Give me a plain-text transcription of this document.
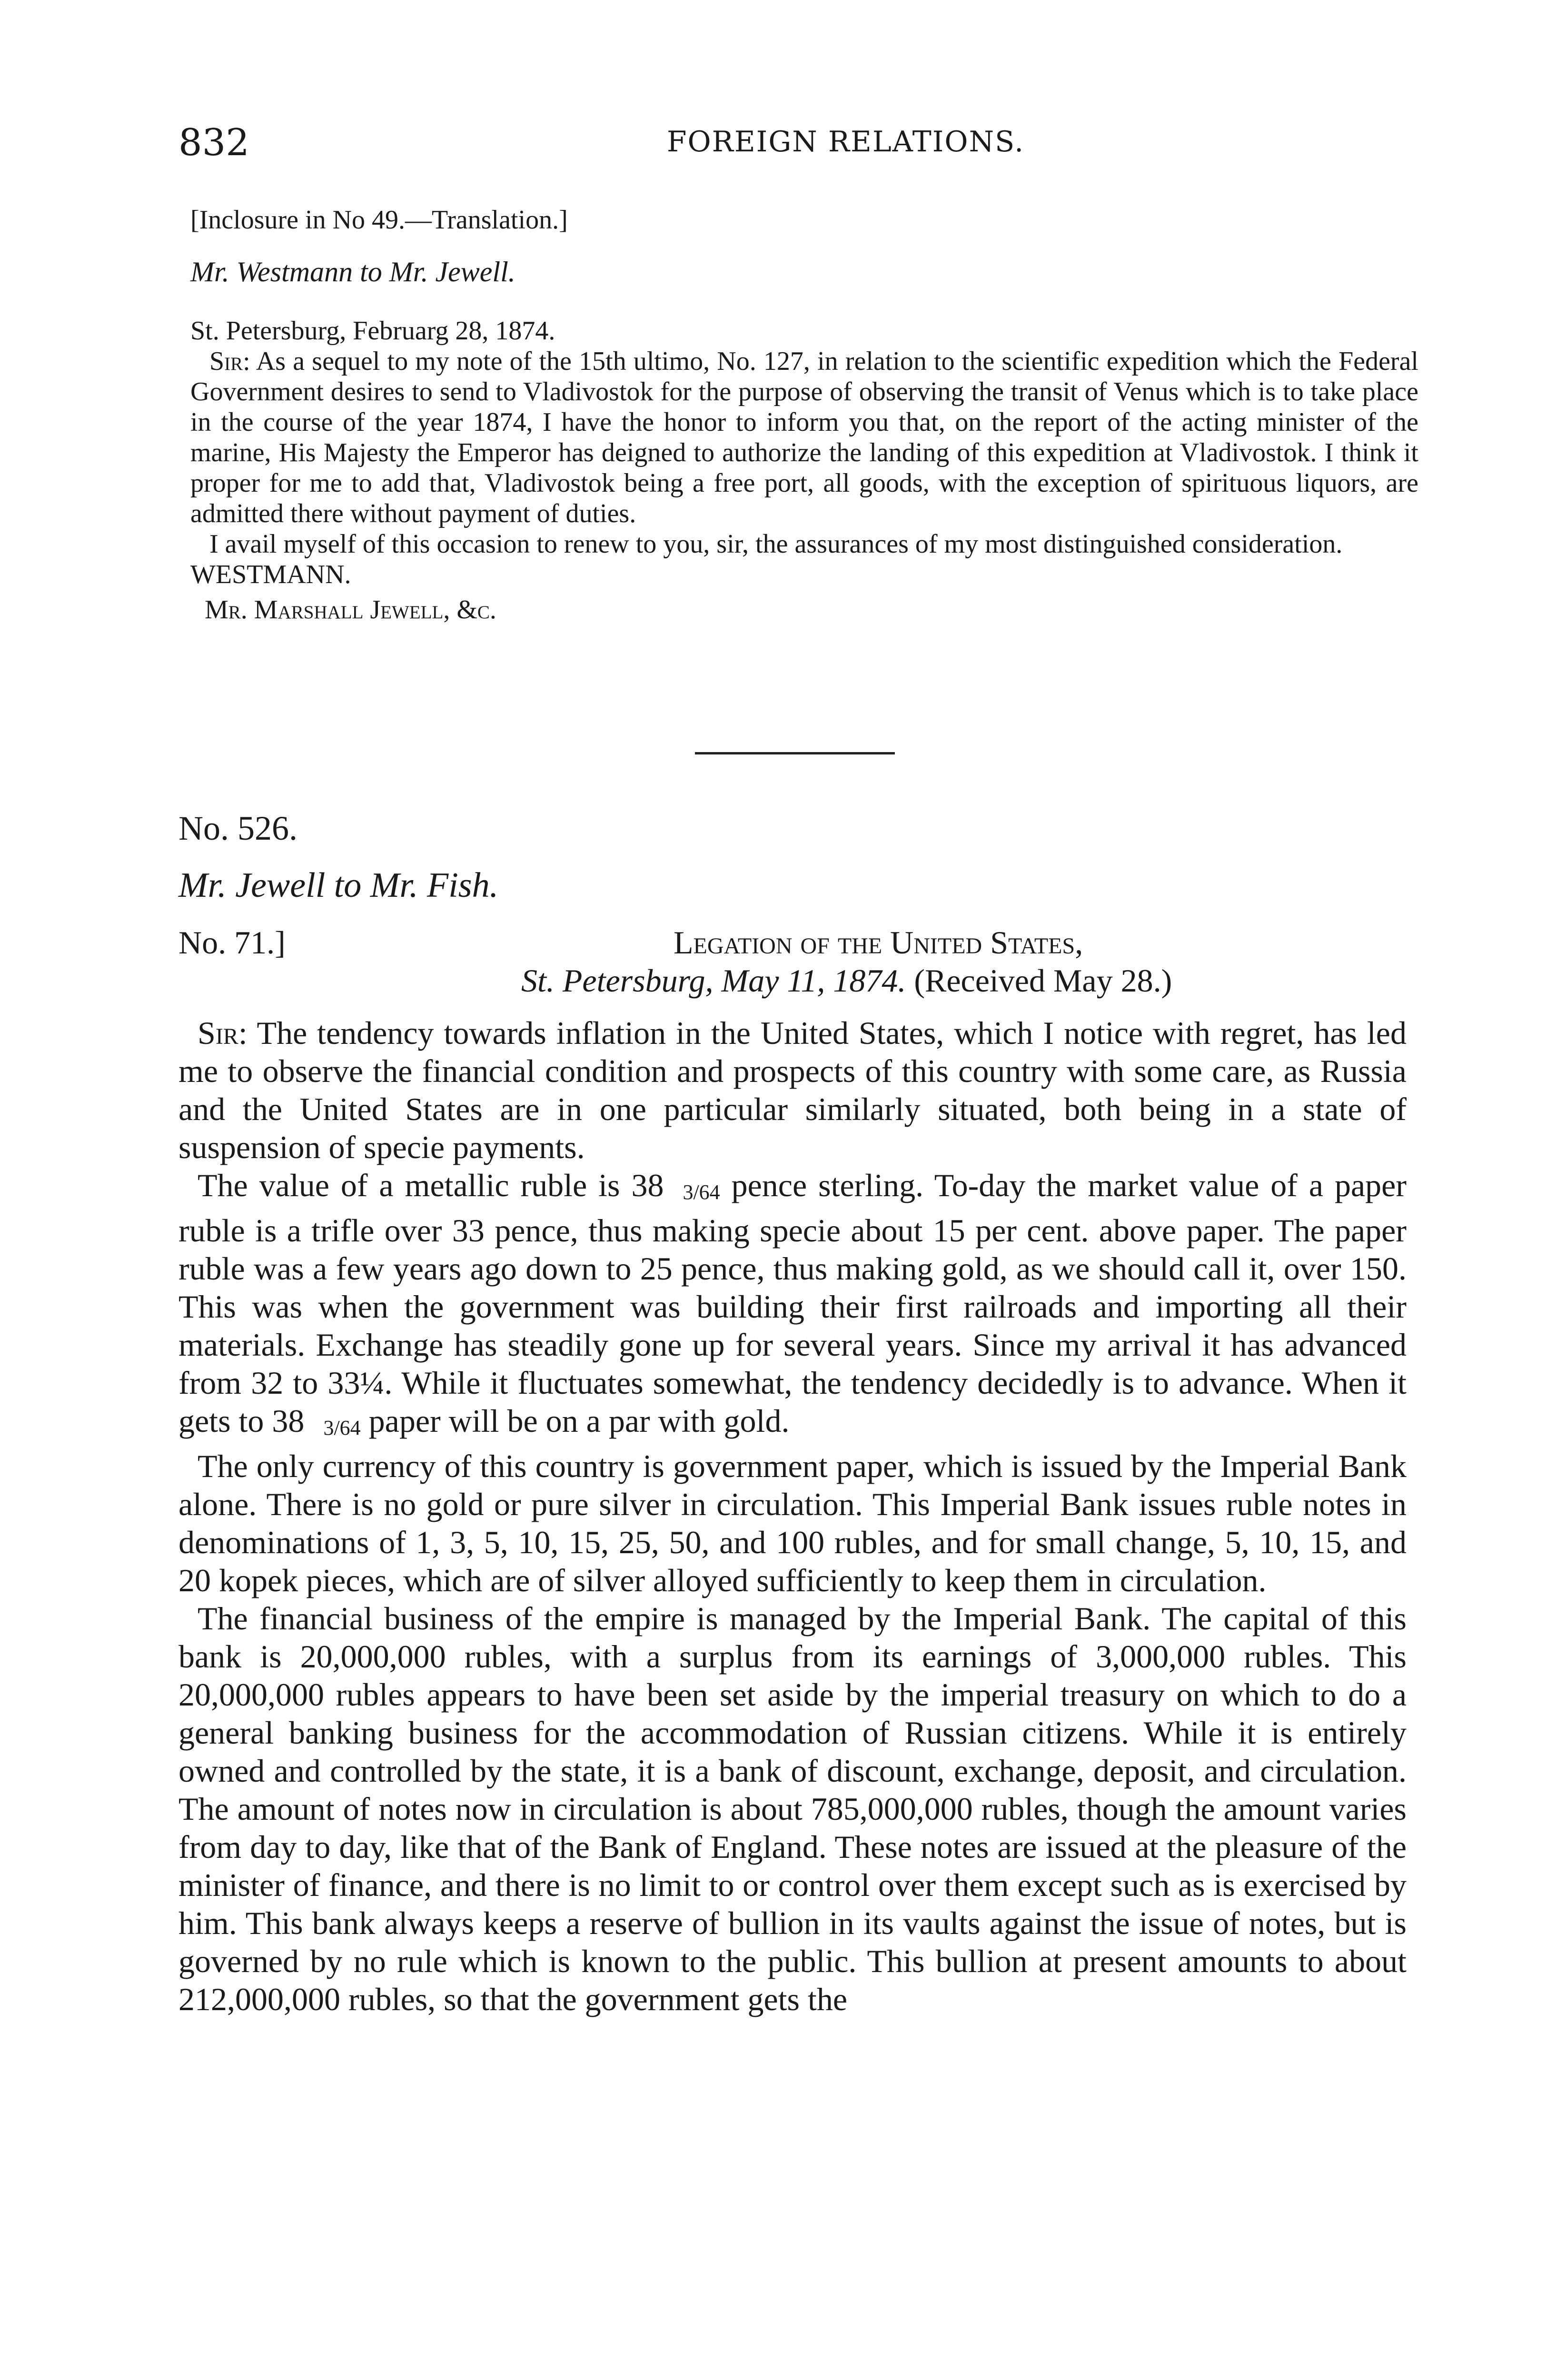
832	FOREIGN RELATIONS.

[Inclosure in No 49.—Translation.]

Mr. Westmann to Mr. Jewell.

St. Petersburg, Februarg 28, 1874.

Sir: As a sequel to my note of the 15th ultimo, No. 127, in relation to the scientific expedition which the Federal Government desires to send to Vladivostok for the purpose of observing the transit of Venus which is to take place in the course of the year 1874, I have the honor to inform you that, on the report of the acting minister of the marine, His Majesty the Emperor has deigned to authorize the landing of this expedition at Vladivostok. I think it proper for me to add that, Vladivostok being a free port, all goods, with the exception of spirituous liquors, are admitted there without payment of duties.

I avail myself of this occasion to renew to you, sir, the assurances of my most distinguished consideration.

WESTMANN.

Mr. Marshall Jewell, &c.

No. 526.

Mr. Jewell to Mr. Fish.

No. 71.]	Legation of the United States,
St. Petersburg, May 11, 1874. (Received May 28.)

Sir: The tendency towards inflation in the United States, which I notice with regret, has led me to observe the financial condition and prospects of this country with some care, as Russia and the United States are in one particular similarly situated, both being in a state of suspension of specie payments.

The value of a metallic ruble is 38 3/64 pence sterling. To-day the market value of a paper ruble is a trifle over 33 pence, thus making specie about 15 per cent. above paper. The paper ruble was a few years ago down to 25 pence, thus making gold, as we should call it, over 150. This was when the government was building their first railroads and importing all their materials. Exchange has steadily gone up for several years. Since my arrival it has advanced from 32 to 33¼. While it fluctuates somewhat, the tendency decidedly is to advance. When it gets to 38 3/64 paper will be on a par with gold.

The only currency of this country is government paper, which is issued by the Imperial Bank alone. There is no gold or pure silver in circulation. This Imperial Bank issues ruble notes in denominations of 1, 3, 5, 10, 15, 25, 50, and 100 rubles, and for small change, 5, 10, 15, and 20 kopek pieces, which are of silver alloyed sufficiently to keep them in circulation.

The financial business of the empire is managed by the Imperial Bank. The capital of this bank is 20,000,000 rubles, with a surplus from its earnings of 3,000,000 rubles. This 20,000,000 rubles appears to have been set aside by the imperial treasury on which to do a general banking business for the accommodation of Russian citizens. While it is entirely owned and controlled by the state, it is a bank of discount, exchange, deposit, and circulation. The amount of notes now in circulation is about 785,000,000 rubles, though the amount varies from day to day, like that of the Bank of England. These notes are issued at the pleasure of the minister of finance, and there is no limit to or control over them except such as is exercised by him. This bank always keeps a reserve of bullion in its vaults against the issue of notes, but is governed by no rule which is known to the public. This bullion at present amounts to about 212,000,000 rubles, so that the government gets the
